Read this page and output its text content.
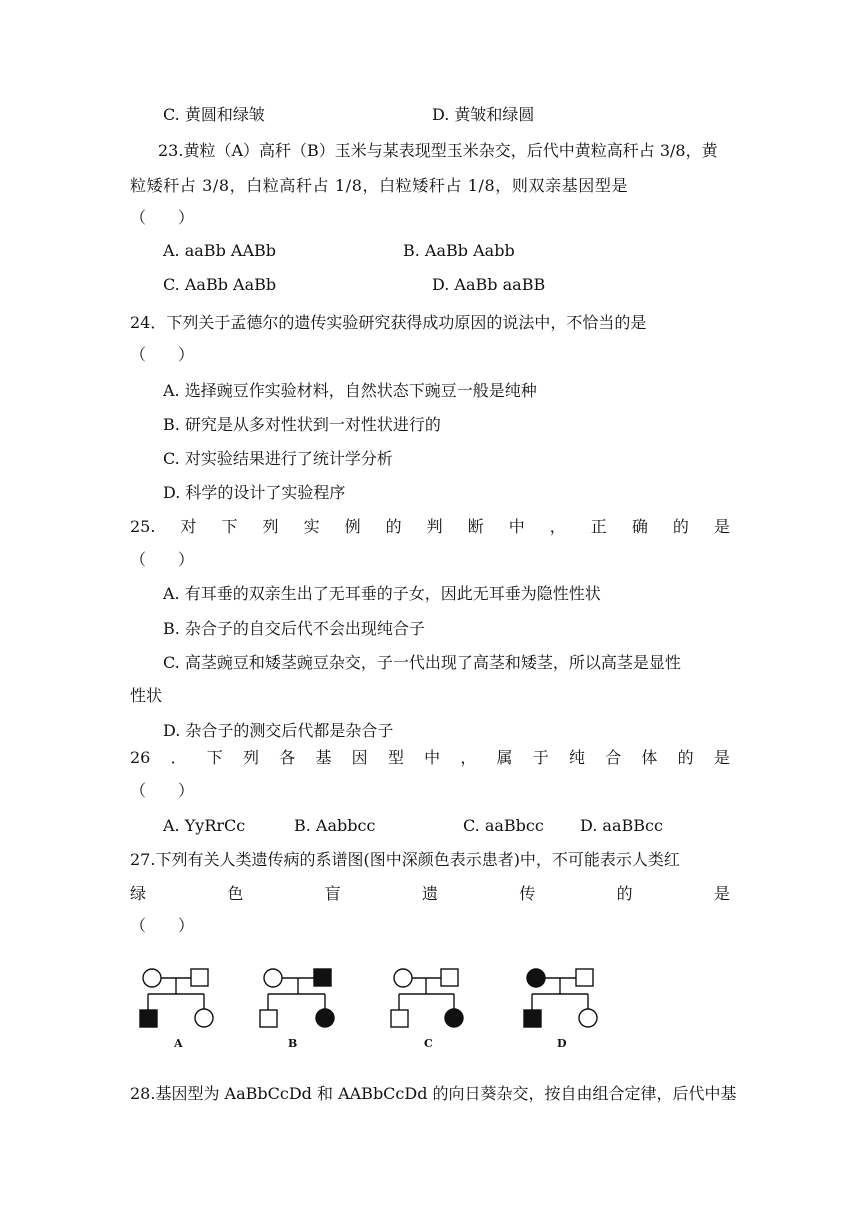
C. 黄圆和绿皱	D. 黄皱和绿圆
23.黄粒（A）高秆（B）玉米与某表现型玉米杂交，后代中黄粒高秆占 3/8，黄
粒矮秆占 3/8，白粒高秆占 1/8，白粒矮秆占 1/8，则双亲基因型是
（　　）
A. aaBb AABb	B. AaBb Aabb
C. AaBb AaBb	D. AaBb aaBB
24．下列关于孟德尔的遗传实验研究获得成功原因的说法中，不恰当的是
（　　）
A. 选择豌豆作实验材料，自然状态下豌豆一般是纯种
B. 研究是从多对性状到一对性状进行的
C. 对实验结果进行了统计学分析
D. 科学的设计了实验程序
25. 对 下 列 实 例 的 判 断 中 ， 正 确 的 是
（　　）
A. 有耳垂的双亲生出了无耳垂的子女，因此无耳垂为隐性性状
B. 杂合子的自交后代不会出现纯合子
C. 高茎豌豆和矮茎豌豆杂交，子一代出现了高茎和矮茎，所以高茎是显性
性状
D. 杂合子的测交后代都是杂合子
26 ． 下 列 各 基 因 型 中 ， 属 于 纯 合 体 的 是
（　　）
A. YyRrCc	B. Aabbcc	C. aaBbcc D. aaBBcc
27.下列有关人类遗传病的系谱图(图中深颜色表示患者)中，不可能表示人类红
绿	色	盲	遗	传	的	是
（　　）
A	B	C	D
28.基因型为 AaBbCcDd 和 AABbCcDd 的向日葵杂交，按自由组合定律，后代中基
